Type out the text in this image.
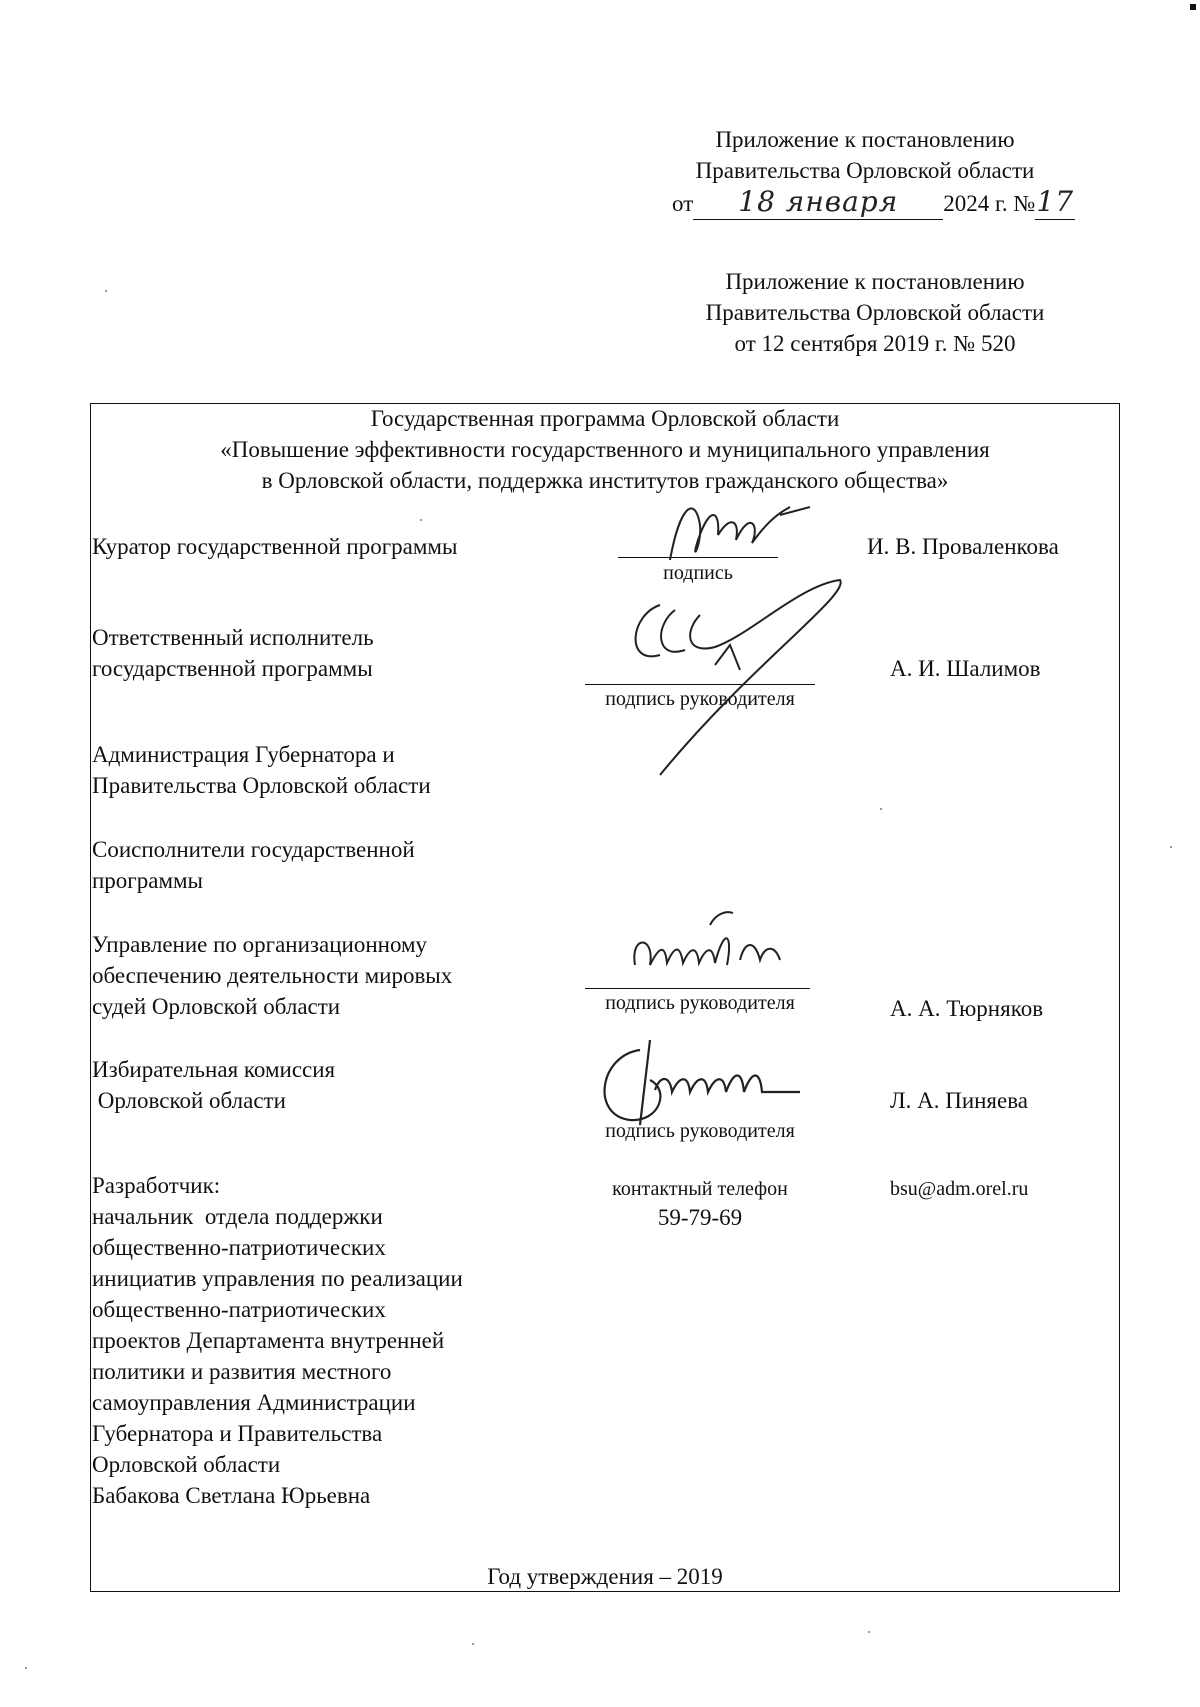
Приложение к постановлению
Правительства Орловской области
от 18 января 2024 г. №17
Приложение к постановлению
Правительства Орловской области
от 12 сентября 2019 г. № 520
Государственная программа Орловской области
«Повышение эффективности государственного и муниципального управления
в Орловской области, поддержка институтов гражданского общества»
Куратор государственной программы
подпись
И. В. Проваленкова
Ответственный исполнитель
государственной программы
подпись руководителя
А. И. Шалимов
Администрация Губернатора и
Правительства Орловской области
Соисполнители государственной
программы
Управление по организационному
обеспечению деятельности мировых
судей Орловской области	подпись руководителя	А. А. Тюрняков
Избирательная комиссия
Орловской области
подпись руководителя
Л. А. Пиняева
Разработчик:
начальник  отдела поддержки
общественно-патриотических
инициатив управления по реализации
общественно-патриотических
проектов Департамента внутренней
политики и развития местного
самоуправления Администрации
Губернатора и Правительства
Орловской области
Бабакова Светлана Юрьевна
контактный телефон
59-79-69
bsu@adm.orel.ru
Год утверждения – 2019
